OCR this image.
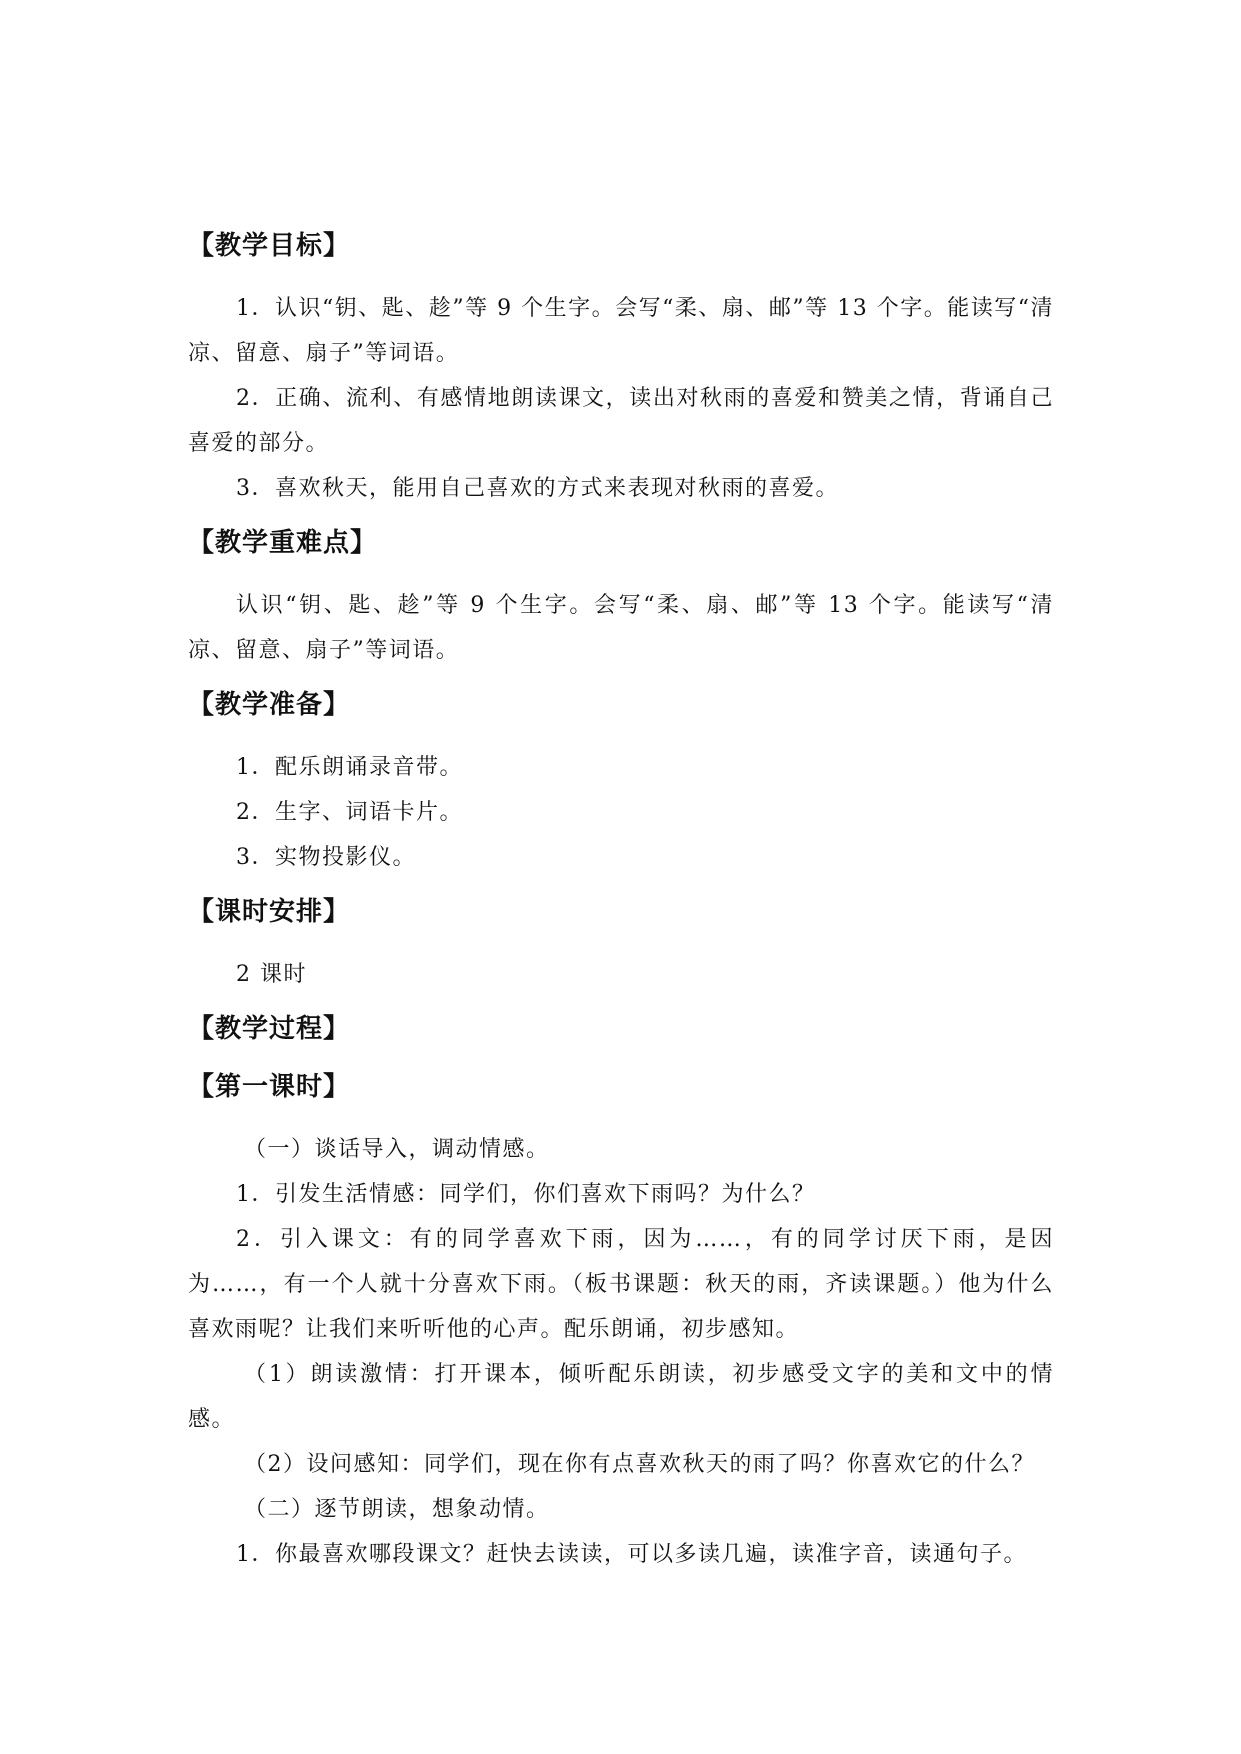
【教学目标】

1．认识“钥、匙、趁”等 9 个生字。会写“柔、扇、邮”等 13 个字。能读写“清凉、留意、扇子”等词语。

2．正确、流利、有感情地朗读课文，读出对秋雨的喜爱和赞美之情，背诵自己喜爱的部分。

3．喜欢秋天，能用自己喜欢的方式来表现对秋雨的喜爱。

【教学重难点】

认识“钥、匙、趁”等 9 个生字。会写“柔、扇、邮”等 13 个字。能读写“清凉、留意、扇子”等词语。

【教学准备】

1．配乐朗诵录音带。

2．生字、词语卡片。

3．实物投影仪。

【课时安排】

2 课时

【教学过程】
【第一课时】

（一）谈话导入，调动情感。

1．引发生活情感：同学们，你们喜欢下雨吗？为什么？

2．引入课文：有的同学喜欢下雨，因为……，有的同学讨厌下雨，是因为……，有一个人就十分喜欢下雨。（板书课题：秋天的雨，齐读课题。）他为什么喜欢雨呢？让我们来听听他的心声。配乐朗诵，初步感知。

（1）朗读激情：打开课本，倾听配乐朗读，初步感受文字的美和文中的情感。

（2）设问感知：同学们，现在你有点喜欢秋天的雨了吗？你喜欢它的什么？

（二）逐节朗读，想象动情。

1．你最喜欢哪段课文？赶快去读读，可以多读几遍，读准字音，读通句子。
